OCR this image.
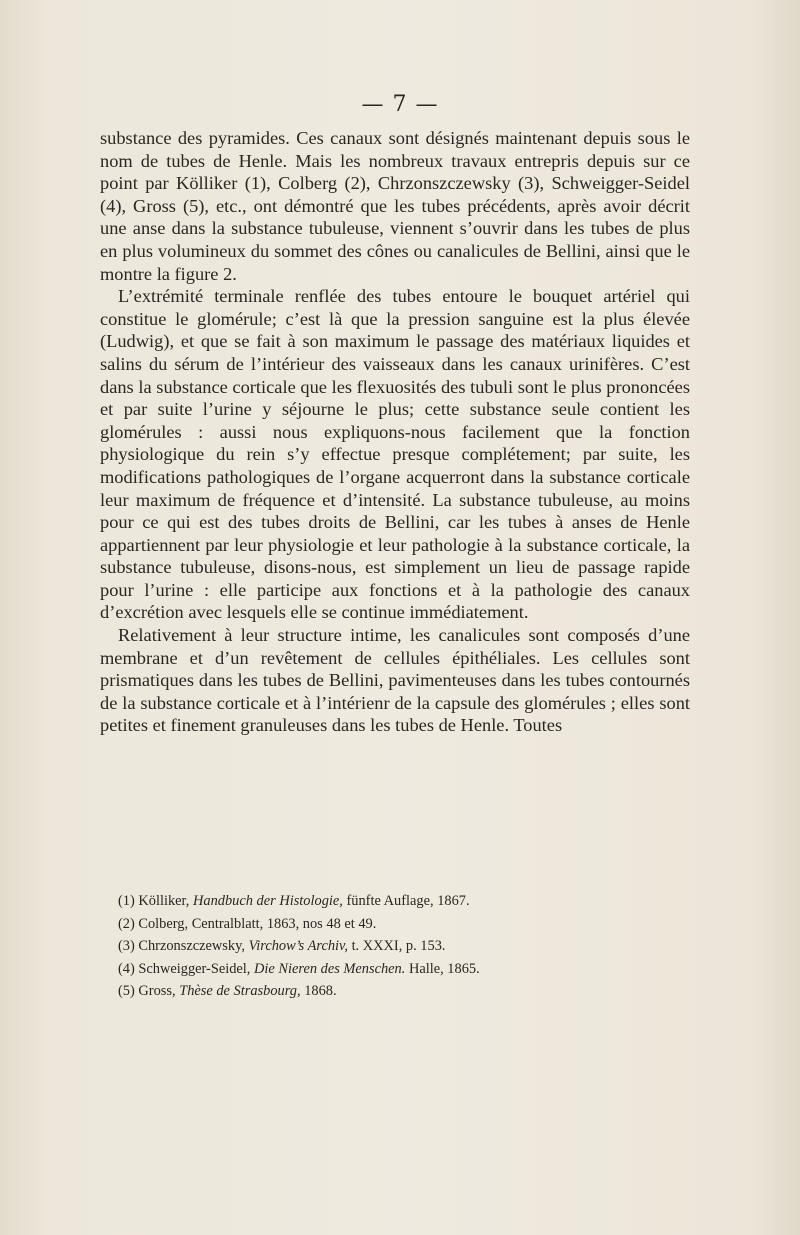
— 7 —

substance des pyramides. Ces canaux sont désignés maintenant depuis sous le nom de tubes de Henle. Mais les nombreux travaux entrepris depuis sur ce point par Kölliker (1), Colberg (2), Chrzonszczewsky (3), Schweigger-Seidel (4), Gross (5), etc., ont démontré que les tubes précédents, après avoir décrit une anse dans la substance tubuleuse, viennent s’ouvrir dans les tubes de plus en plus volumineux du sommet des cônes ou canalicules de Bellini, ainsi que le montre la figure 2.

L’extrémité terminale renflée des tubes entoure le bouquet artériel qui constitue le glomérule; c’est là que la pression sanguine est la plus élevée (Ludwig), et que se fait à son maximum le passage des matériaux liquides et salins du sérum de l’intérieur des vaisseaux dans les canaux urinifères. C’est dans la substance corticale que les flexuosités des tubuli sont le plus prononcées et par suite l’urine y séjourne le plus; cette substance seule contient les glomérules : aussi nous expliquons-nous facilement que la fonction physiologique du rein s’y effectue presque complétement; par suite, les modifications pathologiques de l’organe acquerront dans la substance corticale leur maximum de fréquence et d’intensité. La substance tubuleuse, au moins pour ce qui est des tubes droits de Bellini, car les tubes à anses de Henle appartiennent par leur physiologie et leur pathologie à la substance corticale, la substance tubuleuse, disons-nous, est simplement un lieu de passage rapide pour l’urine : elle participe aux fonctions et à la pathologie des canaux d’excrétion avec lesquels elle se continue immédiatement.

Relativement à leur structure intime, les canalicules sont composés d’une membrane et d’un revêtement de cellules épithéliales. Les cellules sont prismatiques dans les tubes de Bellini, pavimenteuses dans les tubes contournés de la substance corticale et à l’intérienr de la capsule des glomérules ; elles sont petites et finement granuleuses dans les tubes de Henle. Toutes

(1) Kölliker, Handbuch der Histologie, fünfte Auflage, 1867.
(2) Colberg, Centralblatt, 1863, nos 48 et 49.
(3) Chrzonszczewsky, Virchow’s Archiv, t. XXXI, p. 153.
(4) Schweigger-Seidel, Die Nieren des Menschen. Halle, 1865.
(5) Gross, Thèse de Strasbourg, 1868.
